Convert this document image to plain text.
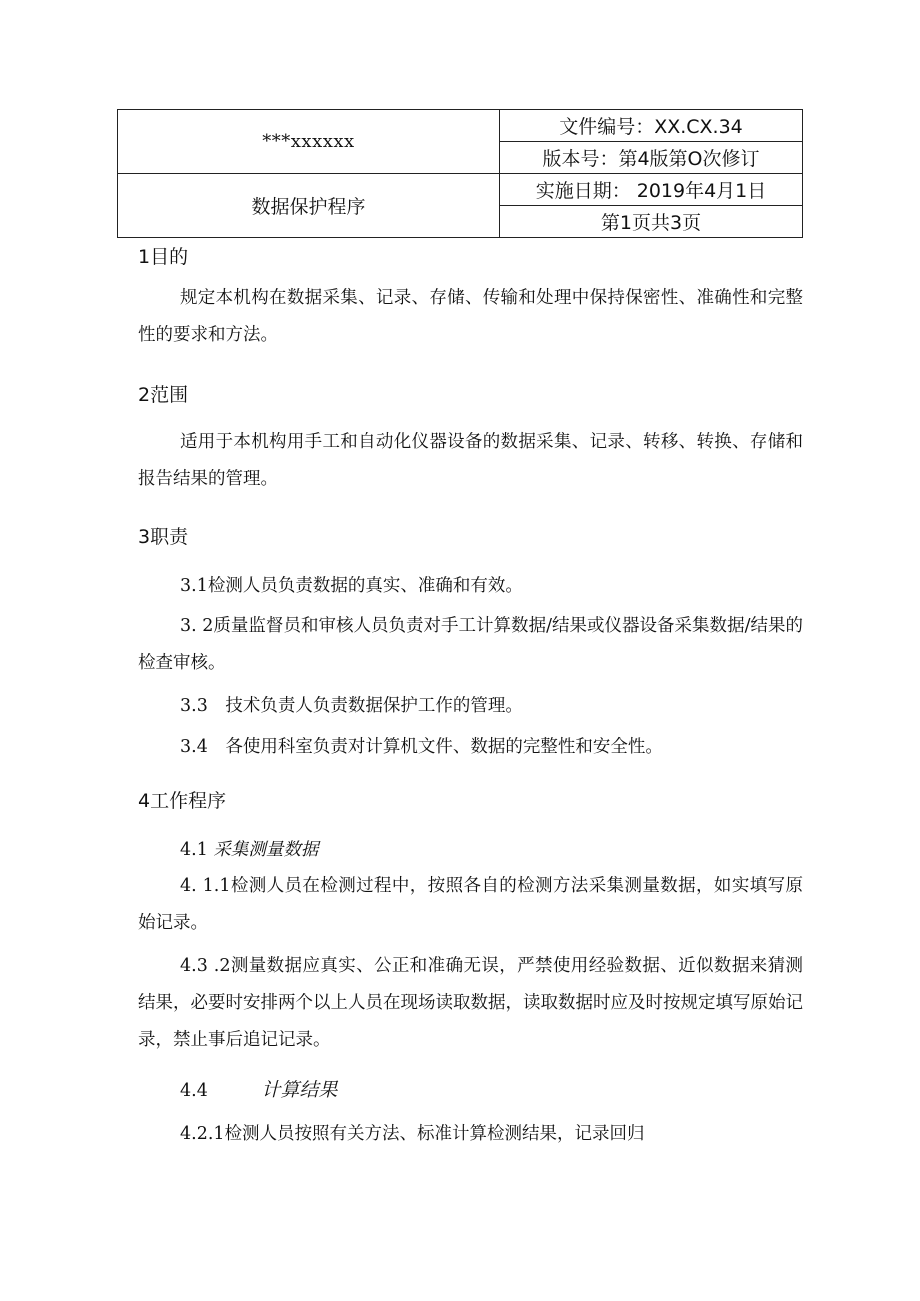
***xxxxxx	文件编号：XX.CX.34
	版本号：第4版第O次修订
数据保护程序	实施日期： 2019年4月1日
	第1页共3页
1目的

规定本机构在数据采集、记录、存储、传输和处理中保持保密性、准确性和完整性的要求和方法。

2范围

适用于本机构用手工和自动化仪器设备的数据采集、记录、转移、转换、存储和报告结果的管理。

3职责
3.1检测人员负责数据的真实、准确和有效。

3. 2质量监督员和审核人员负责对手工计算数据/结果或仪器设备采集数据/结果的检查审核。

3.3　技术负责人负责数据保护工作的管理。
3.4　各使用科室负责对计算机文件、数据的完整性和安全性。
4工作程序
4.1 采集测量数据

4. 1.1检测人员在检测过程中，按照各自的检测方法采集测量数据，如实填写原始记录。

4.3 .2测量数据应真实、公正和准确无误，严禁使用经验数据、近似数据来猜测结果，必要时安排两个以上人员在现场读取数据，读取数据时应及时按规定填写原始记录，禁止事后追记记录。

4.4	计算结果
4.2.1检测人员按照有关方法、标准计算检测结果，记录回归
